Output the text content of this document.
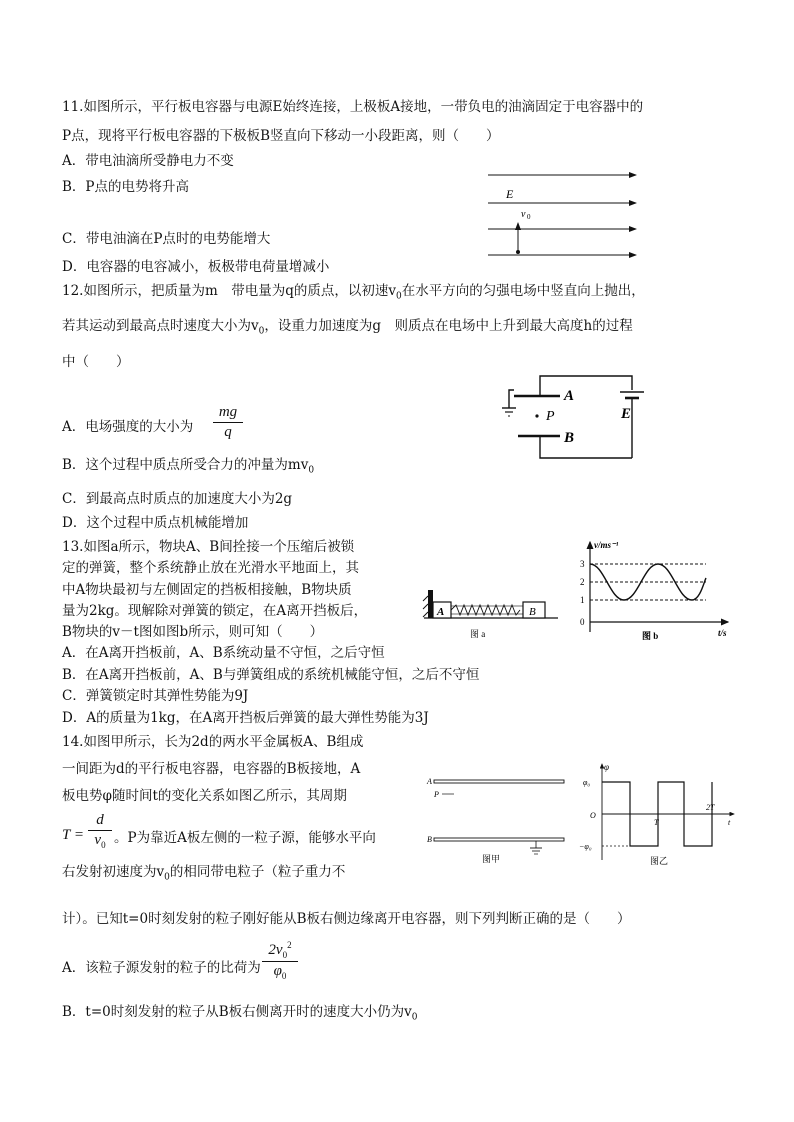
11.如图所示，平行板电容器与电源E始终连接，上极板A接地，一带负电的油滴固定于电容器中的
P点，现将平行板电容器的下极板B竖直向下移动一小段距离，则（　　）
A．带电油滴所受静电力不变
B．P点的电势将升高
C．带电油滴在P点时的电势能增大
D．电容器的电容减小，板极带电荷量增减小
E
v 0
12.如图所示，把质量为m　带电量为q的质点，以初速$v_0$在水平方向的匀强电场中竖直向上抛出，
若其运动到最高点时速度大小为$v_0$，设重力加速度为g　则质点在电场中上升到最大高度h的过程
中（　　）
A．电场强度的大小为
mg
q
B．这个过程中质点所受合力的冲量为$mv_0$
C．到最高点时质点的加速度大小为2g
D．这个过程中质点机械能增加
A
P
B
E
13.如图a所示，物块A、B间拴接一个压缩后被锁
定的弹簧，整个系统静止放在光滑水平地面上，其
中A物块最初与左侧固定的挡板相接触，B物块质
量为2kg。现解除对弹簧的锁定，在A离开挡板后，
B物块的v－t图如图b所示，则可知（　　）
A．在A离开挡板前，A、B系统动量不守恒，之后守恒
B．在A离开挡板前，A、B与弹簧组成的系统机械能守恒，之后不守恒
C．弹簧锁定时其弹性势能为9J
D．A的质量为1kg，在A离开挡板后弹簧的最大弹性势能为3J
A	B
图 a
v/ms⁻¹
t/s
3
2
1
0
图 b
14.如图甲所示，长为2d的两水平金属板A、B组成
一间距为d的平行板电容器，电容器的B板接地，A
板电势φ随时间t的变化关系如图乙所示，其周期
T =
d
$v_0$ 。P为靠近A板左侧的一粒子源，能够水平向
右发射初速度为$v_0$的相同带电粒子（粒子重力不
计）。已知t=0时刻发射的粒子刚好能从B板右侧边缘离开电容器，则下列判断正确的是（　　）
A．该粒子源发射的粒子的比荷为
$2v_0^2$
$\varphi_0$
B．t=0时刻发射的粒子从B板右侧离开时的速度大小仍为$v_0$
A
P
B
图甲
φ
φ₀
−φ₀
O
T
2T
t
图乙
